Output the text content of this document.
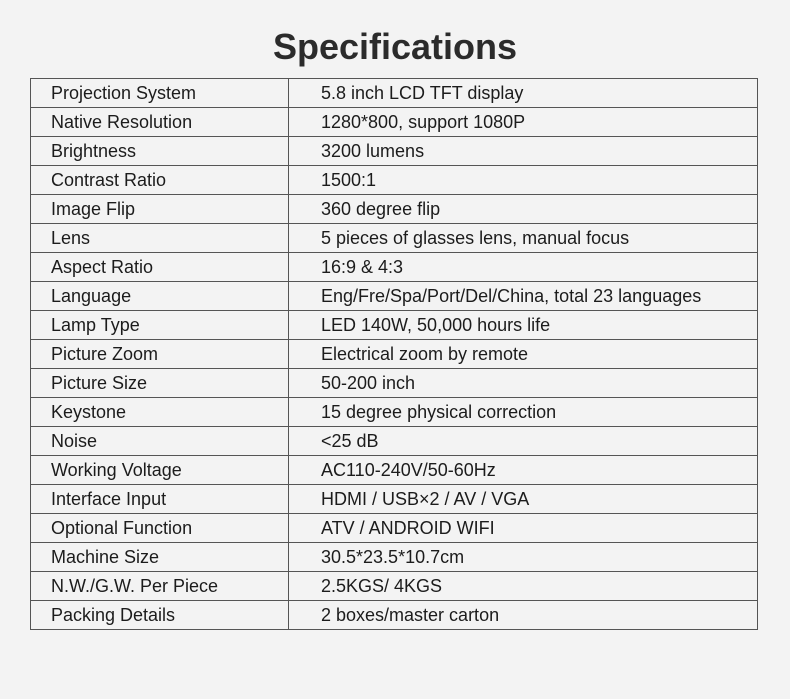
Specifications
Projection System	5.8 inch LCD TFT display
Native Resolution	1280*800, support 1080P
Brightness	3200 lumens
Contrast Ratio	1500:1
Image Flip	360 degree flip
Lens	5 pieces of glasses lens, manual focus
Aspect Ratio	16:9 & 4:3
Language	Eng/Fre/Spa/Port/Del/China, total 23 languages
Lamp Type	LED 140W, 50,000 hours life
Picture Zoom	Electrical zoom by remote
Picture Size	50-200 inch
Keystone	15 degree physical correction
Noise	<25 dB
Working Voltage	AC110-240V/50-60Hz
Interface Input	HDMI / USB×2 / AV / VGA
Optional Function	ATV / ANDROID WIFI
Machine Size	30.5*23.5*10.7cm
N.W./G.W. Per Piece	2.5KGS/ 4KGS
Packing Details	2 boxes/master carton
